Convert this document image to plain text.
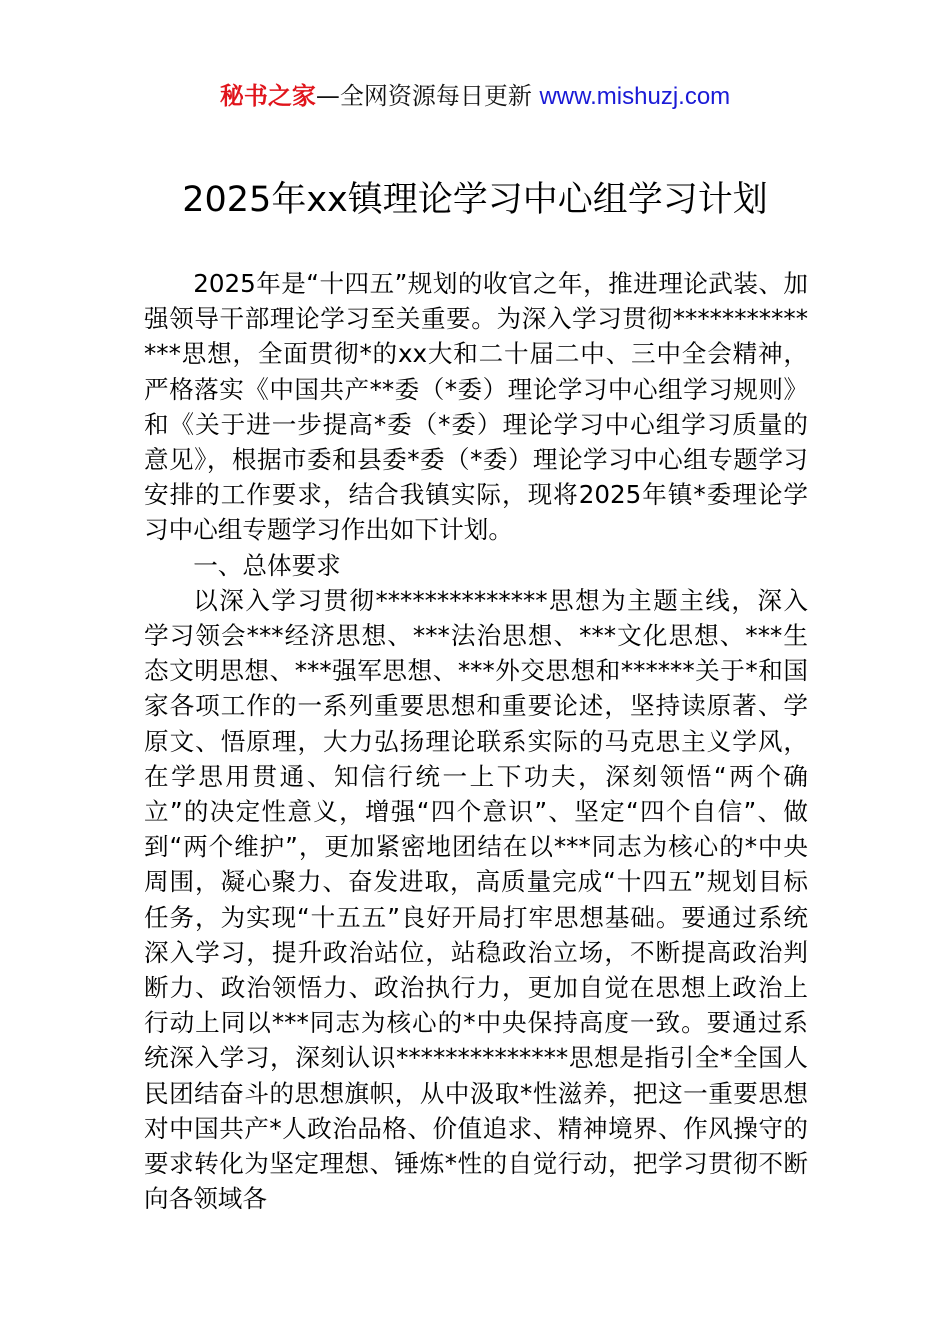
秘书之家—全网资源每日更新 www.mishuzj.com
2025年xx镇理论学习中心组学习计划

2025年是“十四五”规划的收官之年，推进理论武装、加强领导干部理论学习至关重要。为深入学习贯彻**************思想，全面贯彻*的xx大和二十届二中、三中全会精神，严格落实《中国共产**委（*委）理论学习中心组学习规则》和《关于进一步提高*委（*委）理论学习中心组学习质量的意见》，根据市委和县委*委（*委）理论学习中心组专题学习安排的工作要求，结合我镇实际，现将2025年镇*委理论学习中心组专题学习作出如下计划。

一、总体要求

以深入学习贯彻**************思想为主题主线，深入学习领会***经济思想、***法治思想、***文化思想、***生态文明思想、***强军思想、***外交思想和******关于*和国家各项工作的一系列重要思想和重要论述，坚持读原著、学原文、悟原理，大力弘扬理论联系实际的马克思主义学风，在学思用贯通、知信行统一上下功夫，深刻领悟“两个确立”的决定性意义，增强“四个意识”、坚定“四个自信”、做到“两个维护”，更加紧密地团结在以***同志为核心的*中央周围，凝心聚力、奋发进取，高质量完成“十四五”规划目标任务，为实现“十五五”良好开局打牢思想基础。要通过系统深入学习，提升政治站位，站稳政治立场，不断提高政治判断力、政治领悟力、政治执行力，更加自觉在思想上政治上行动上同以***同志为核心的*中央保持高度一致。要通过系统深入学习，深刻认识**************思想是指引全*全国人民团结奋斗的思想旗帜，从中汲取*性滋养，把这一重要思想对中国共产*人政治品格、价值追求、精神境界、作风操守的要求转化为坚定理想、锤炼*性的自觉行动，把学习贯彻不断向各领域各
